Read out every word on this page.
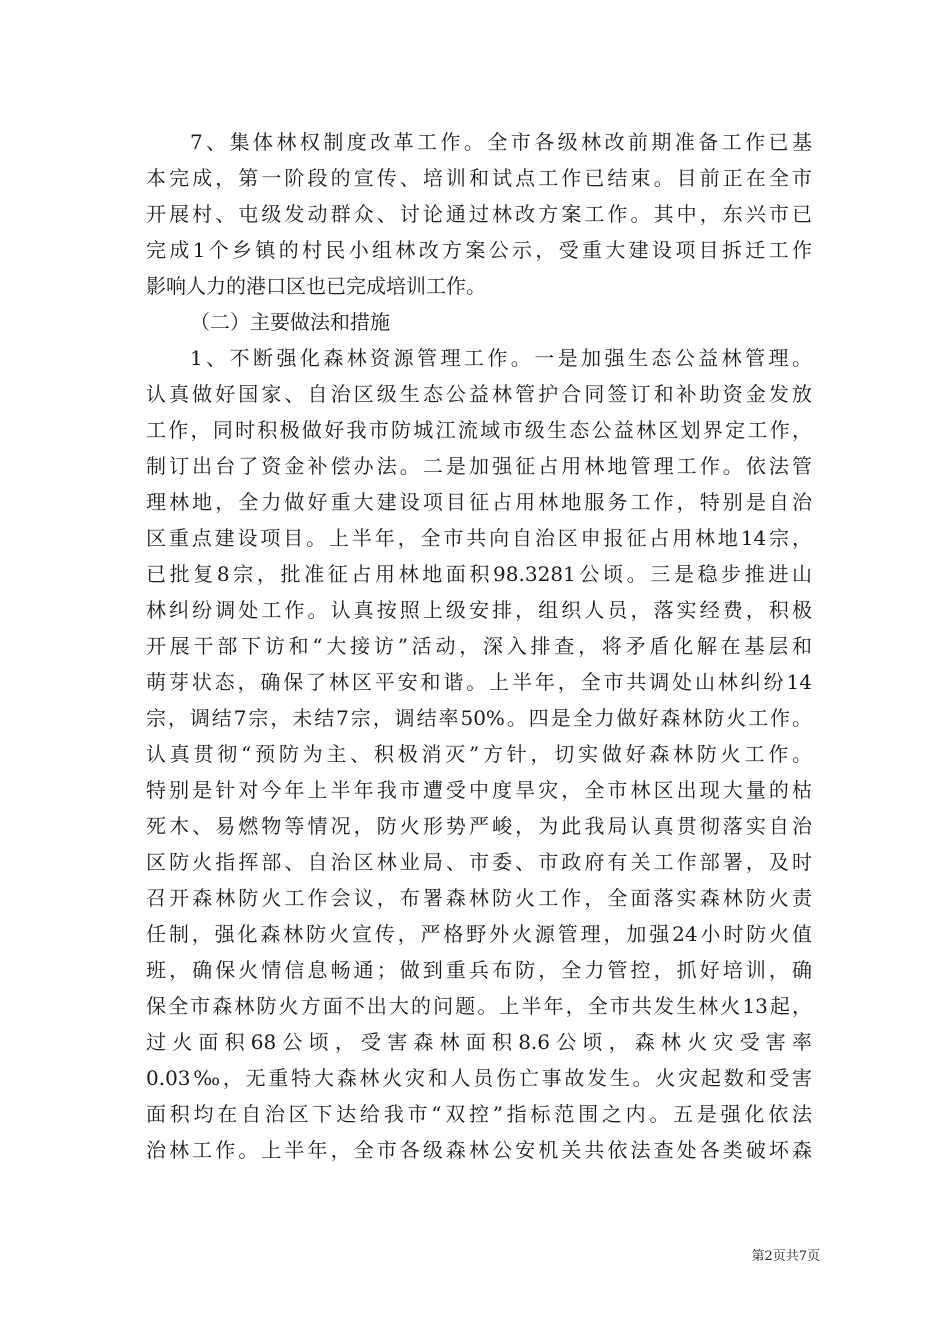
7、集体林权制度改革工作。全市各级林改前期准备工作已基
本完成，第一阶段的宣传、培训和试点工作已结束。目前正在全市
开展村、屯级发动群众、讨论通过林改方案工作。其中，东兴市已
完成1个乡镇的村民小组林改方案公示，受重大建设项目拆迁工作
影响人力的港口区也已完成培训工作。
（二）主要做法和措施
1、不断强化森林资源管理工作。一是加强生态公益林管理。
认真做好国家、自治区级生态公益林管护合同签订和补助资金发放
工作，同时积极做好我市防城江流域市级生态公益林区划界定工作，
制订出台了资金补偿办法。二是加强征占用林地管理工作。依法管
理林地，全力做好重大建设项目征占用林地服务工作，特别是自治
区重点建设项目。上半年，全市共向自治区申报征占用林地14宗，
已批复8宗，批准征占用林地面积98.3281公顷。三是稳步推进山
林纠纷调处工作。认真按照上级安排，组织人员，落实经费，积极
开展干部下访和“大接访”活动，深入排查，将矛盾化解在基层和
萌芽状态，确保了林区平安和谐。上半年，全市共调处山林纠纷14
宗，调结7宗，未结7宗，调结率50%。四是全力做好森林防火工作。
认真贯彻“预防为主、积极消灭”方针，切实做好森林防火工作。
特别是针对今年上半年我市遭受中度旱灾，全市林区出现大量的枯
死木、易燃物等情况，防火形势严峻，为此我局认真贯彻落实自治
区防火指挥部、自治区林业局、市委、市政府有关工作部署，及时
召开森林防火工作会议，布署森林防火工作，全面落实森林防火责
任制，强化森林防火宣传，严格野外火源管理，加强24小时防火值
班，确保火情信息畅通；做到重兵布防，全力管控，抓好培训，确
保全市森林防火方面不出大的问题。上半年，全市共发生林火13起，
过火面积68公顷，受害森林面积8.6公顷，森林火灾受害率
0.03‰，无重特大森林火灾和人员伤亡事故发生。火灾起数和受害
面积均在自治区下达给我市“双控”指标范围之内。五是强化依法
治林工作。上半年，全市各级森林公安机关共依法查处各类破坏森
第2页共7页
